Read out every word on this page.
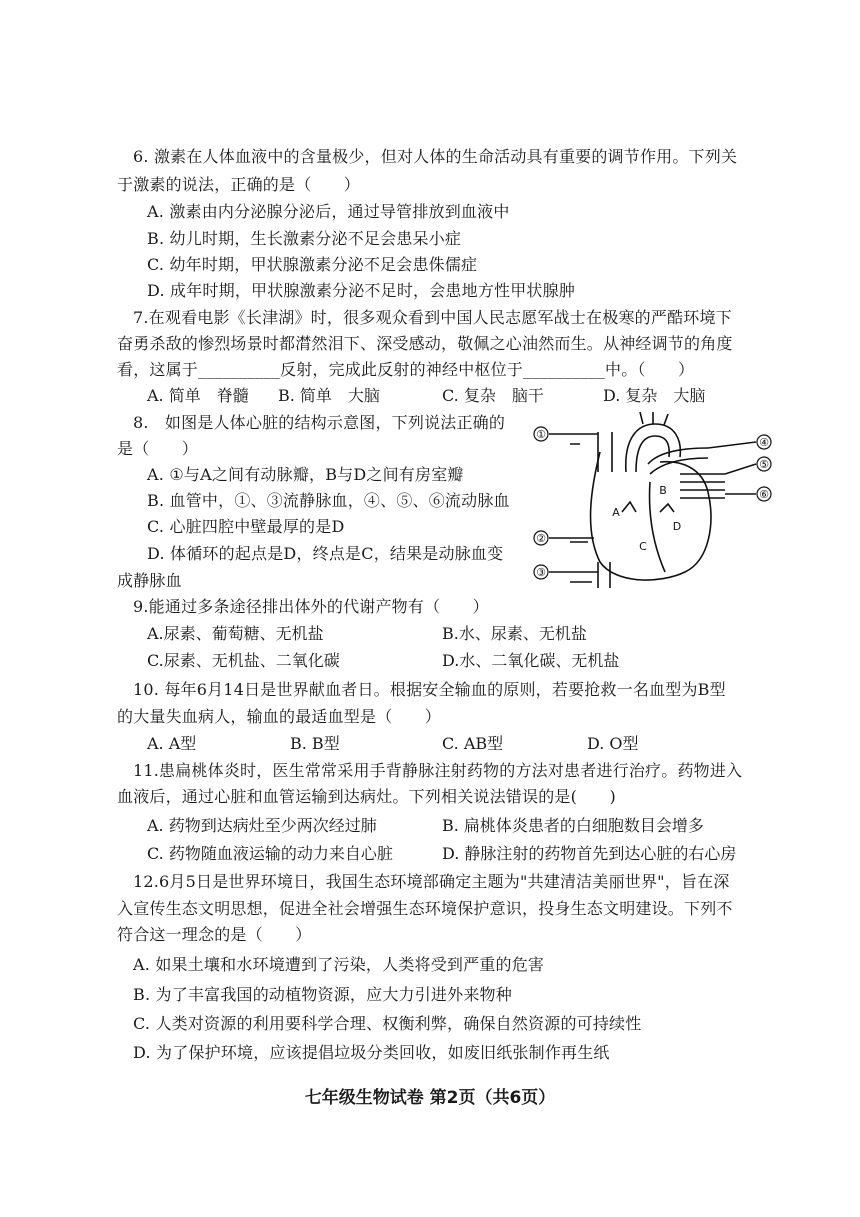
6. 激素在人体血液中的含量极少，但对人体的生命活动具有重要的调节作用。下列关
于激素的说法，正确的是（　　）
A. 激素由内分泌腺分泌后，通过导管排放到血液中
B. 幼儿时期，生长激素分泌不足会患呆小症
C. 幼年时期，甲状腺激素分泌不足会患侏儒症
D. 成年时期，甲状腺激素分泌不足时，会患地方性甲状腺肿
7.在观看电影《长津湖》时，很多观众看到中国人民志愿军战士在极寒的严酷环境下
奋勇杀敌的惨烈场景时都潸然泪下、深受感动，敬佩之心油然而生。从神经调节的角度
看，这属于__________反射，完成此反射的神经中枢位于__________中。（　　）
A. 简单　脊髓 B. 简单　大脑	C. 复杂　脑干	D. 复杂　大脑
8.　如图是人体心脏的结构示意图，下列说法正确的
是（　　）
A. ①与A之间有动脉瓣，B与D之间有房室瓣
B. 血管中，①、③流静脉血，④、⑤、⑥流动脉血
C. 心脏四腔中壁最厚的是D
D. 体循环的起点是D，终点是C，结果是动脉血变
成静脉血
①
②
③
④
⑤
⑥
A
B
C
D
9.能通过多条途径排出体外的代谢产物有（　　）
A.尿素、葡萄糖、无机盐	B.水、尿素、无机盐
C.尿素、无机盐、二氧化碳	D.水、二氧化碳、无机盐
10. 每年6月14日是世界献血者日。根据安全输血的原则，若要抢救一名血型为B型
的大量失血病人，输血的最适血型是（　　）
A. A型	B. B型	C. AB型	D. O型
11.患扁桃体炎时，医生常常采用手背静脉注射药物的方法对患者进行治疗。药物进入
血液后，通过心脏和血管运输到达病灶。下列相关说法错误的是(　　)
A. 药物到达病灶至少两次经过肺	B. 扁桃体炎患者的白细胞数目会增多
C. 药物随血液运输的动力来自心脏	D. 静脉注射的药物首先到达心脏的右心房
12.6月5日是世界环境日，我国生态环境部确定主题为"共建清洁美丽世界"，旨在深
入宣传生态文明思想，促进全社会增强生态环境保护意识，投身生态文明建设。下列不
符合这一理念的是（　　）
A. 如果土壤和水环境遭到了污染，人类将受到严重的危害
B. 为了丰富我国的动植物资源，应大力引进外来物种
C. 人类对资源的利用要科学合理、权衡利弊，确保自然资源的可持续性
D. 为了保护环境，应该提倡垃圾分类回收，如废旧纸张制作再生纸
七年级生物试卷 第2页（共6页）
